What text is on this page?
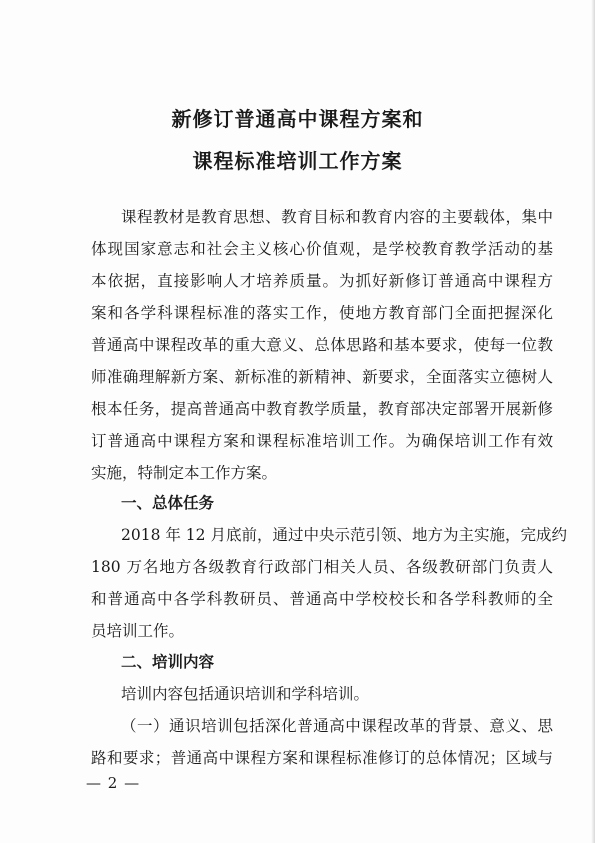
新修订普通高中课程方案和
课程标准培训工作方案
课程教材是教育思想、教育目标和教育内容的主要载体，集中
体现国家意志和社会主义核心价值观，是学校教育教学活动的基
本依据，直接影响人才培养质量。为抓好新修订普通高中课程方
案和各学科课程标准的落实工作，使地方教育部门全面把握深化
普通高中课程改革的重大意义、总体思路和基本要求，使每一位教
师准确理解新方案、新标准的新精神、新要求，全面落实立德树人
根本任务，提高普通高中教育教学质量，教育部决定部署开展新修
订普通高中课程方案和课程标准培训工作。为确保培训工作有效
实施，特制定本工作方案。
一、总体任务
2018 年 12 月底前，通过中央示范引领、地方为主实施，完成约
180 万名地方各级教育行政部门相关人员、各级教研部门负责人
和普通高中各学科教研员、普通高中学校校长和各学科教师的全
员培训工作。
二、培训内容
培训内容包括通识培训和学科培训。
（一）通识培训包括深化普通高中课程改革的背景、意义、思
路和要求；普通高中课程方案和课程标准修订的总体情况；区域与
— 2 —
